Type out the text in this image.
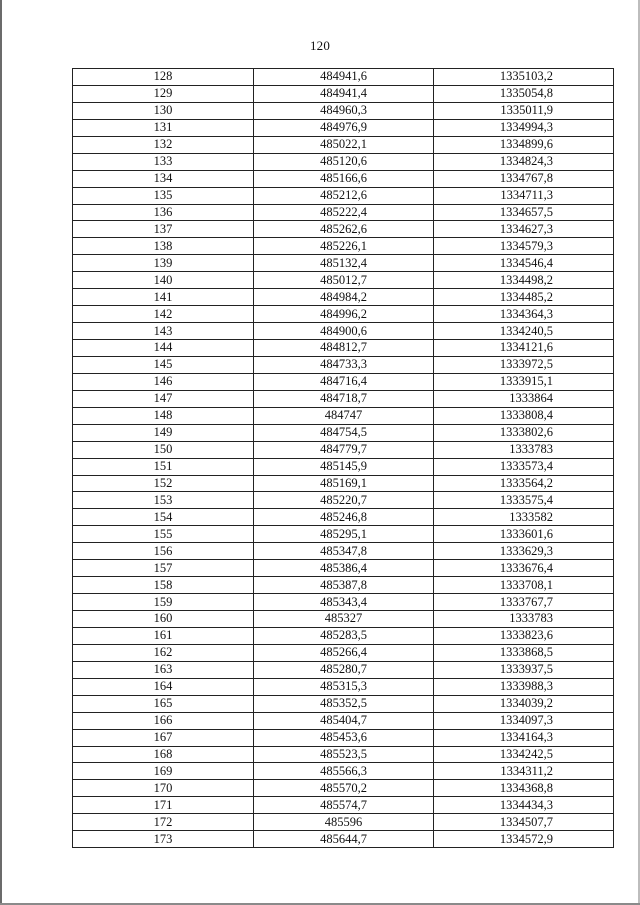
120
128	484941,6	1335103,2
129	484941,4	1335054,8
130	484960,3	1335011,9
131	484976,9	1334994,3
132	485022,1	1334899,6
133	485120,6	1334824,3
134	485166,6	1334767,8
135	485212,6	1334711,3
136	485222,4	1334657,5
137	485262,6	1334627,3
138	485226,1	1334579,3
139	485132,4	1334546,4
140	485012,7	1334498,2
141	484984,2	1334485,2
142	484996,2	1334364,3
143	484900,6	1334240,5
144	484812,7	1334121,6
145	484733,3	1333972,5
146	484716,4	1333915,1
147	484718,7	1333864
148	484747	1333808,4
149	484754,5	1333802,6
150	484779,7	1333783
151	485145,9	1333573,4
152	485169,1	1333564,2
153	485220,7	1333575,4
154	485246,8	1333582
155	485295,1	1333601,6
156	485347,8	1333629,3
157	485386,4	1333676,4
158	485387,8	1333708,1
159	485343,4	1333767,7
160	485327	1333783
161	485283,5	1333823,6
162	485266,4	1333868,5
163	485280,7	1333937,5
164	485315,3	1333988,3
165	485352,5	1334039,2
166	485404,7	1334097,3
167	485453,6	1334164,3
168	485523,5	1334242,5
169	485566,3	1334311,2
170	485570,2	1334368,8
171	485574,7	1334434,3
172	485596	1334507,7
173	485644,7	1334572,9
